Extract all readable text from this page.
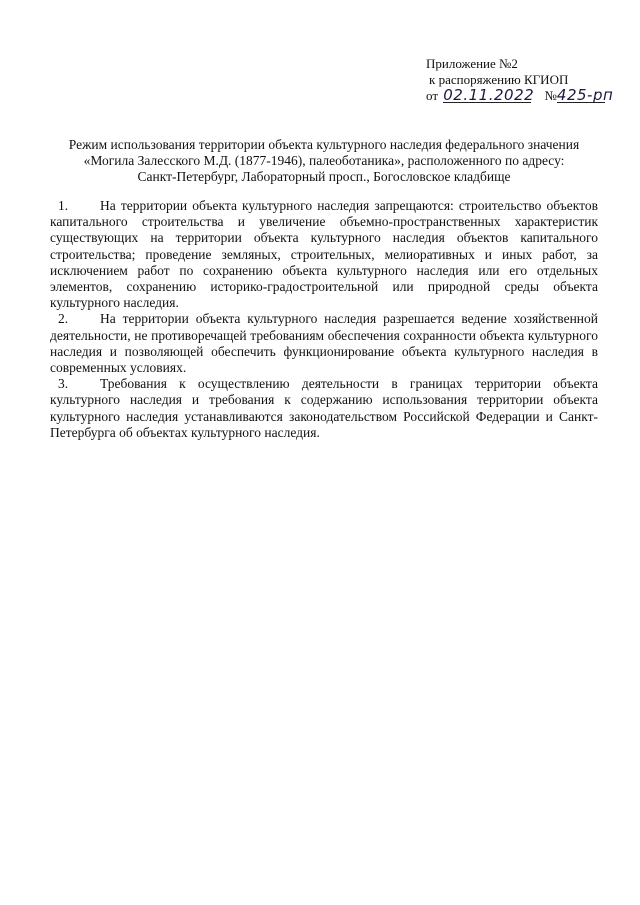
Приложение №2
к распоряжению КГИОП
от 02.11.2022 №425-рп
Режим использования территории объекта культурного наследия федерального значения
«Могила Залесского М.Д. (1877-1946), палеоботаника», расположенного по адресу:
Санкт-Петербург, Лабораторный просп., Богословское кладбище

1. На территории объекта культурного наследия запрещаются: строительство объектов капитального строительства и увеличение объемно-пространственных характеристик существующих на территории объекта культурного наследия объектов капитального строительства; проведение земляных, строительных, мелиоративных и иных работ, за исключением работ по сохранению объекта культурного наследия или его отдельных элементов, сохранению историко-градостроительной или природной среды объекта культурного наследия.

2. На территории объекта культурного наследия разрешается ведение хозяйственной деятельности, не противоречащей требованиям обеспечения сохранности объекта культурного наследия и позволяющей обеспечить функционирование объекта культурного наследия в современных условиях.

3. Требования к осуществлению деятельности в границах территории объекта культурного наследия и требования к содержанию использования территории объекта культурного наследия устанавливаются законодательством Российской Федерации и Санкт-Петербурга об объектах культурного наследия.
